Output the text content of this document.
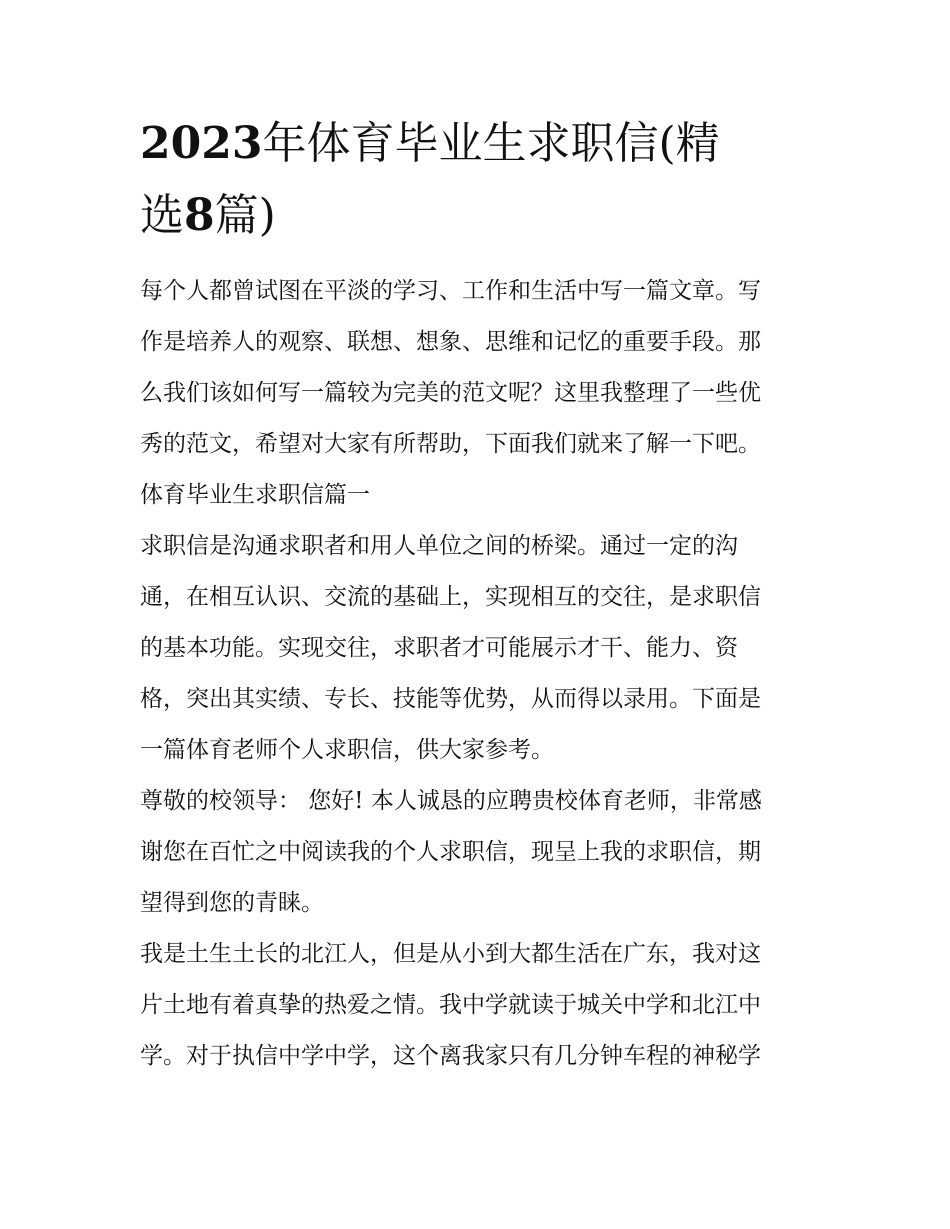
2023年体育毕业生求职信(精
选8篇)
每个人都曾试图在平淡的学习、工作和生活中写一篇文章。写
作是培养人的观察、联想、想象、思维和记忆的重要手段。那
么我们该如何写一篇较为完美的范文呢？这里我整理了一些优
秀的范文，希望对大家有所帮助，下面我们就来了解一下吧。
体育毕业生求职信篇一
求职信是沟通求职者和用人单位之间的桥梁。通过一定的沟
通，在相互认识、交流的基础上，实现相互的交往，是求职信
的基本功能。实现交往，求职者才可能展示才干、能力、资
格，突出其实绩、专长、技能等优势，从而得以录用。下面是
一篇体育老师个人求职信，供大家参考。
尊敬的校领导： 您好! 本人诚恳的应聘贵校体育老师，非常感
谢您在百忙之中阅读我的个人求职信，现呈上我的求职信，期
望得到您的青睐。
我是土生土长的北江人，但是从小到大都生活在广东，我对这
片土地有着真挚的热爱之情。我中学就读于城关中学和北江中
学。对于执信中学中学，这个离我家只有几分钟车程的神秘学
